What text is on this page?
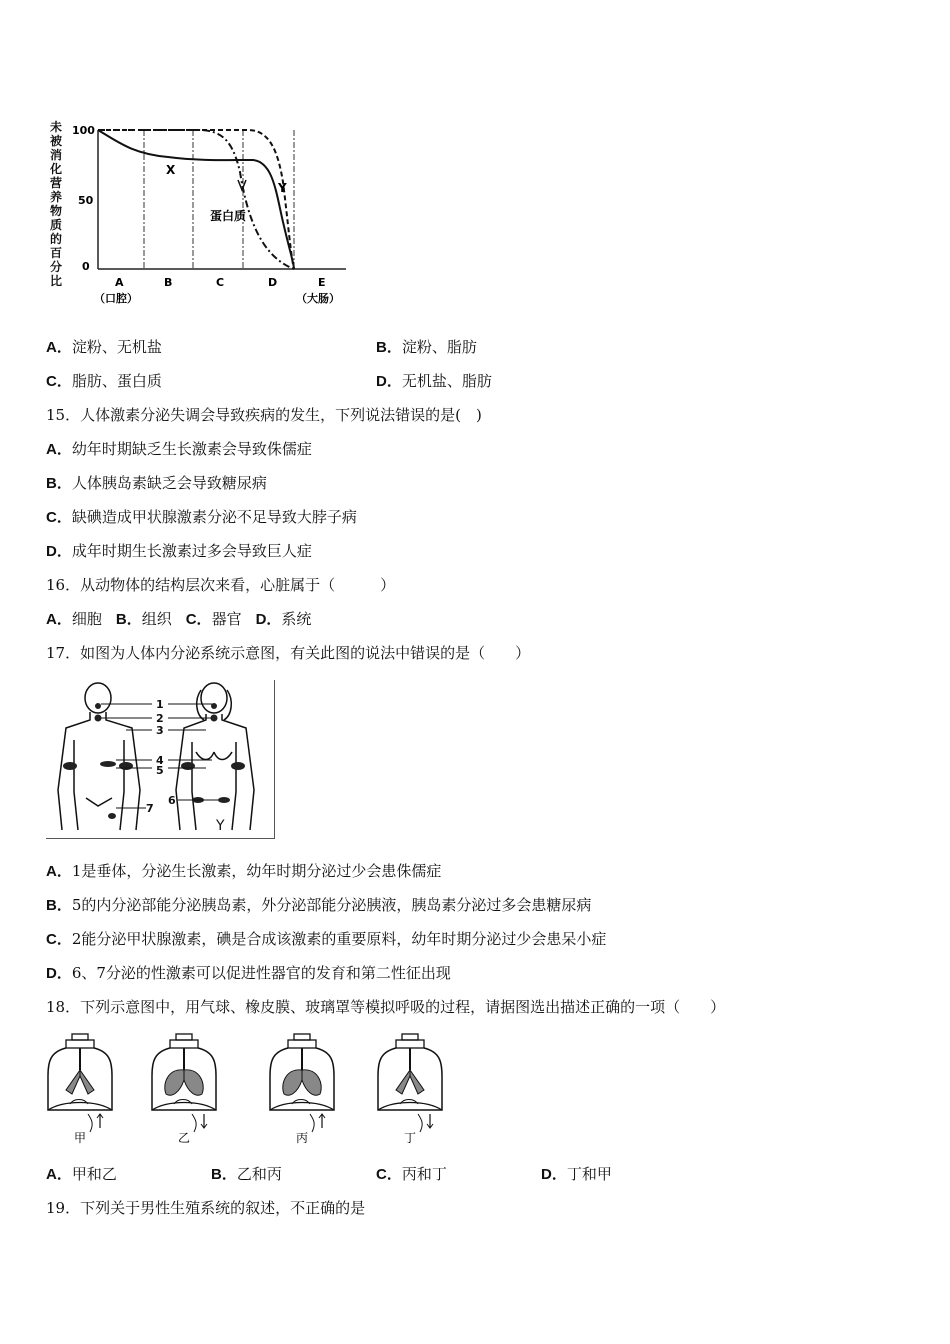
未被消化营养物质的百分比
100
50
0
A	B	C	D	E
（口腔）	（大肠）
X
Y
蛋白质
A．淀粉、无机盐	B．淀粉、脂肪
C．脂肪、蛋白质	D．无机盐、脂肪
15．人体激素分泌失调会导致疾病的发生，下列说法错误的是(　)
A．幼年时期缺乏生长激素会导致侏儒症
B．人体胰岛素缺乏会导致糖尿病
C．缺碘造成甲状腺激素分泌不足导致大脖子病
D．成年时期生长激素过多会导致巨人症
16．从动物体的结构层次来看，心脏属于（　　　）
A．细胞 B．组织 C．器官 D．系统
17．如图为人体内分泌系统示意图，有关此图的说法中错误的是（　　）
1
2
3
4
5
6
7
Y
A．1是垂体，分泌生长激素，幼年时期分泌过少会患侏儒症
B．5的内分泌部能分泌胰岛素，外分泌部能分泌胰液，胰岛素分泌过多会患糖尿病
C．2能分泌甲状腺激素，碘是合成该激素的重要原料，幼年时期分泌过少会患呆小症
D．6、7分泌的性激素可以促进性器官的发育和第二性征出现
18．下列示意图中，用气球、橡皮膜、玻璃罩等模拟呼吸的过程，请据图选出描述正确的一项（　　）
甲	乙	丙	丁
A．甲和乙	B．乙和丙	C．丙和丁	D．丁和甲
19．下列关于男性生殖系统的叙述，不正确的是
